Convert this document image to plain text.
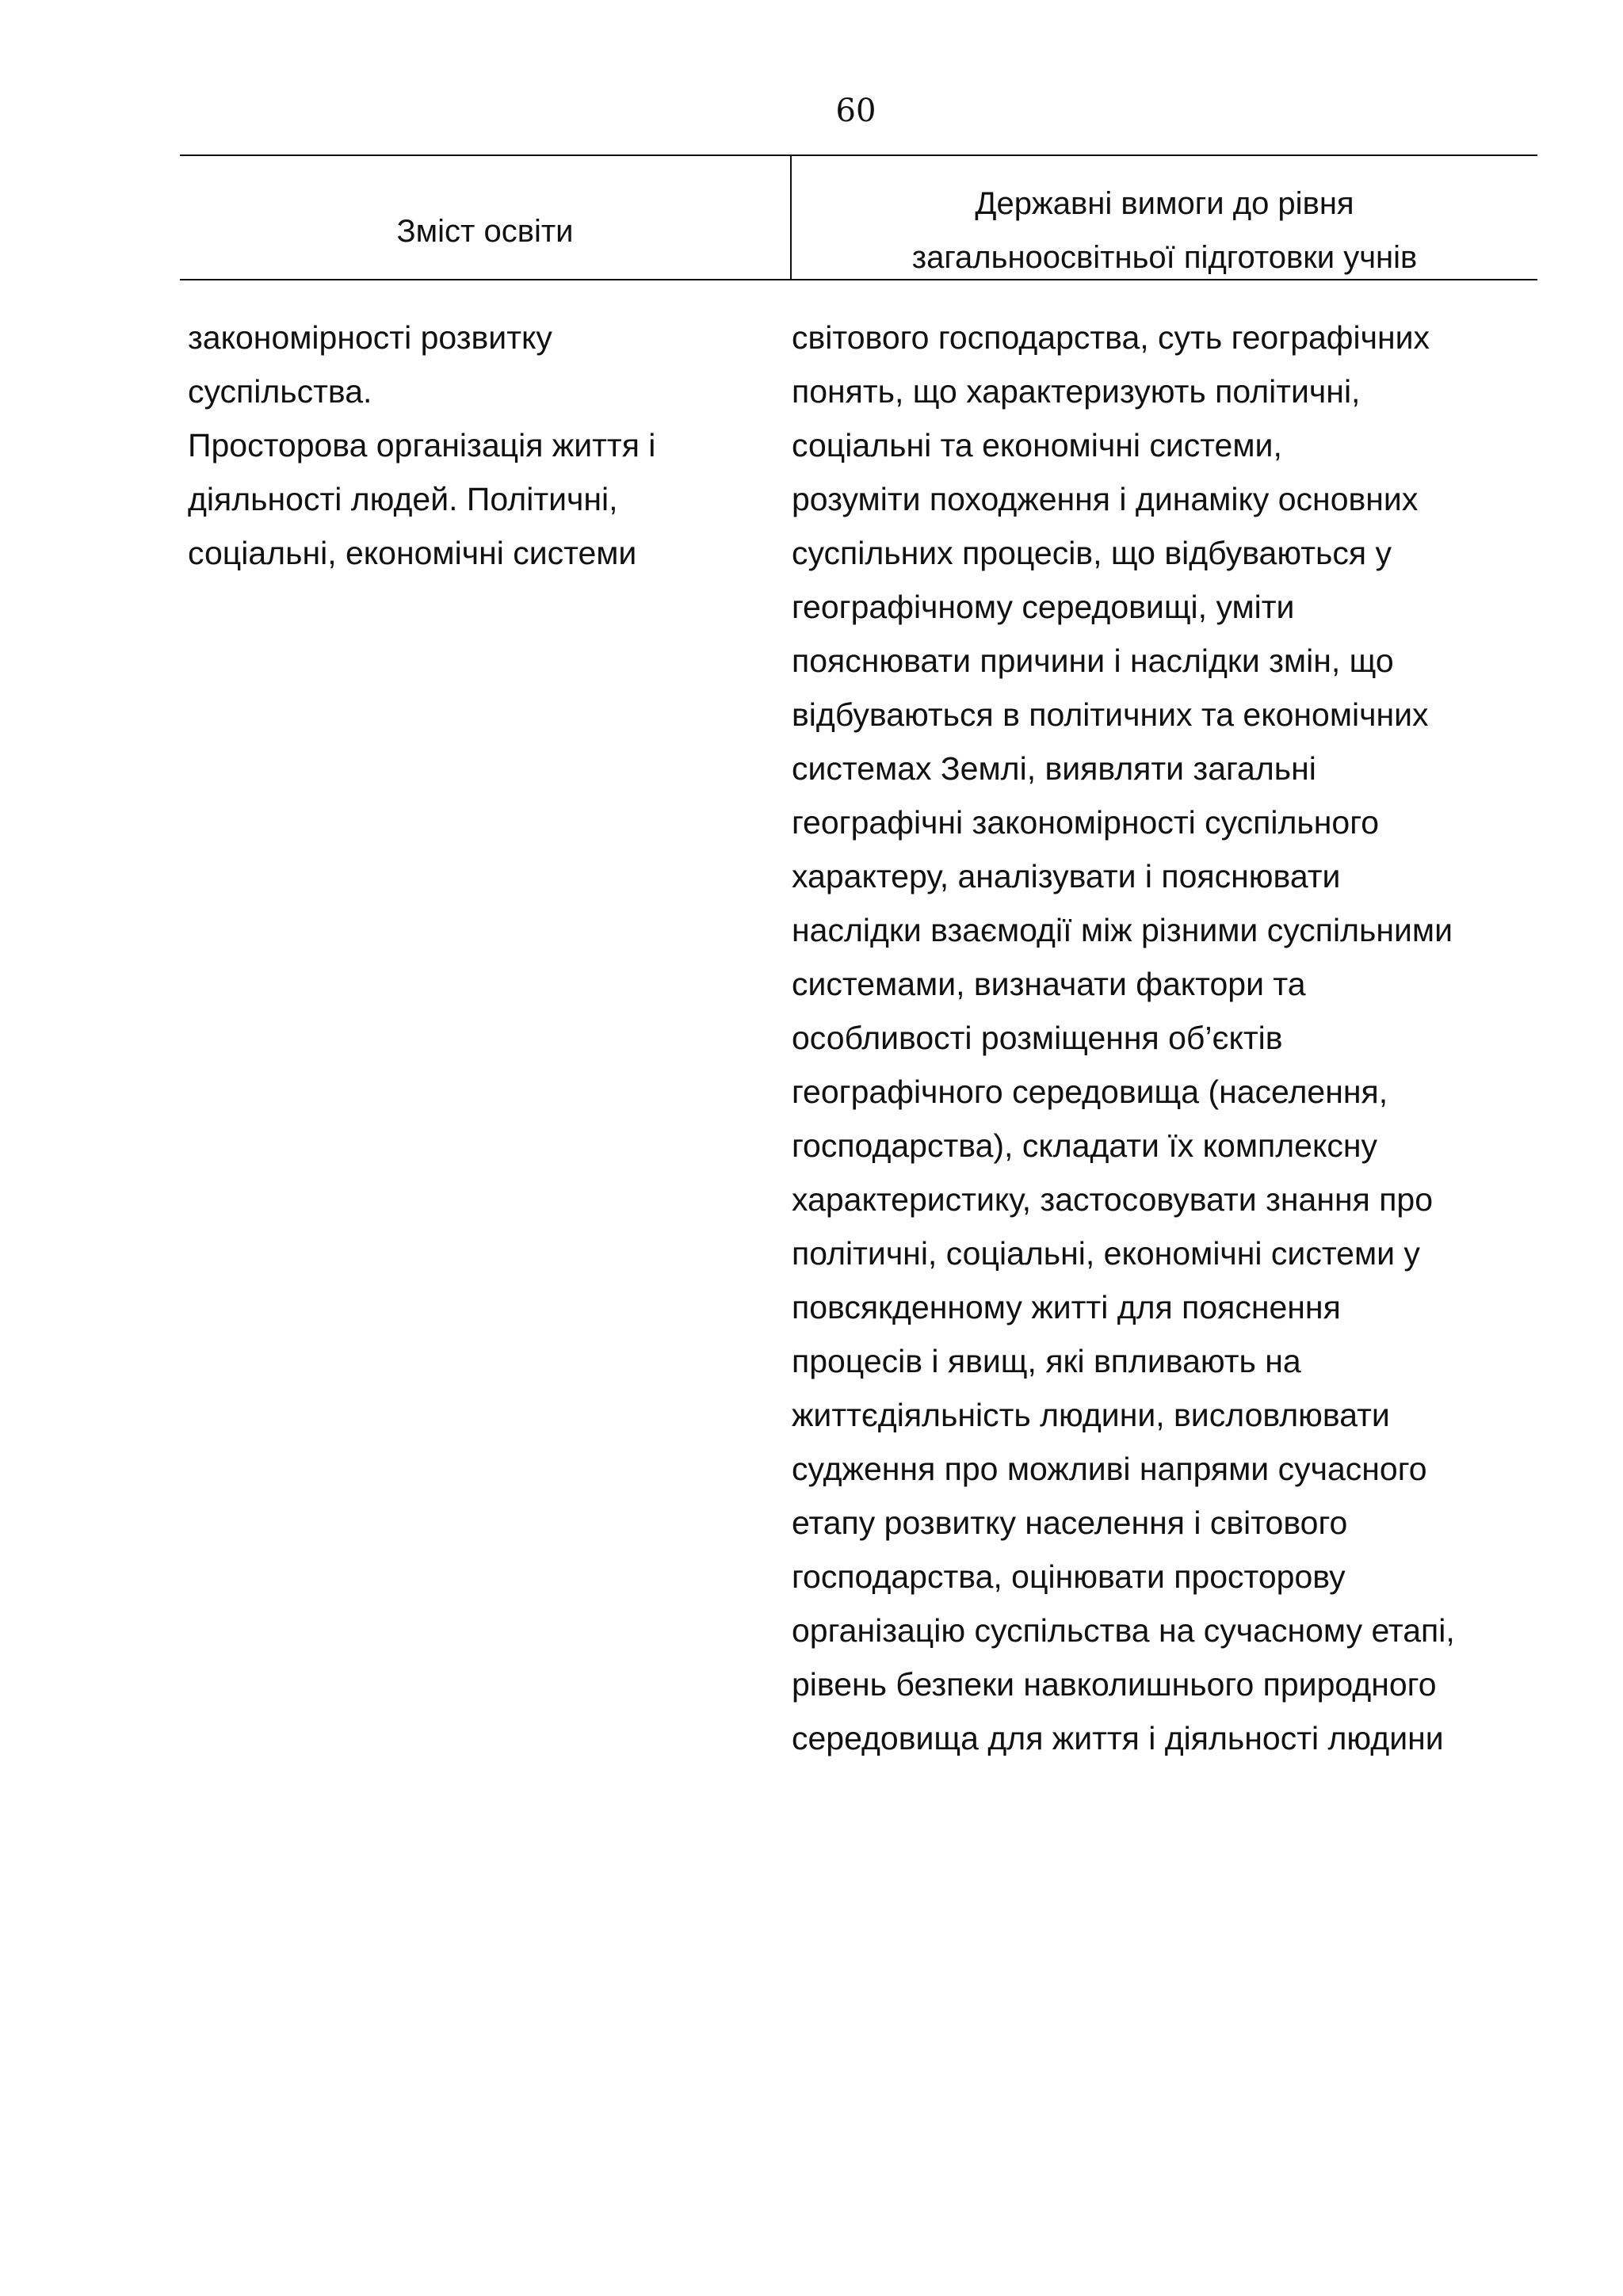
60
Зміст освіти
Державні вимоги до рівня
загальноосвітньої підготовки учнів
закономірності розвитку
суспільства.
Просторова організація життя і
діяльності людей. Політичні,
соціальні, економічні системи
світового господарства, суть географічних
понять, що характеризують політичні,
соціальні та економічні системи,
розуміти походження і динаміку основних
суспільних процесів, що відбуваються у
географічному середовищі, уміти
пояснювати причини і наслідки змін, що
відбуваються в політичних та економічних
системах Землі, виявляти загальні
географічні закономірності суспільного
характеру, аналізувати і пояснювати
наслідки взаємодії між різними суспільними
системами, визначати фактори та
особливості розміщення об’єктів
географічного середовища (населення,
господарства), складати їх комплексну
характеристику, застосовувати знання про
політичні, соціальні, економічні системи у
повсякденному житті для пояснення
процесів і явищ, які впливають на
життєдіяльність людини, висловлювати
судження про можливі напрями сучасного
етапу розвитку населення і світового
господарства, оцінювати просторову
організацію суспільства на сучасному етапі,
рівень безпеки навколишнього природного
середовища для життя і діяльності людини
